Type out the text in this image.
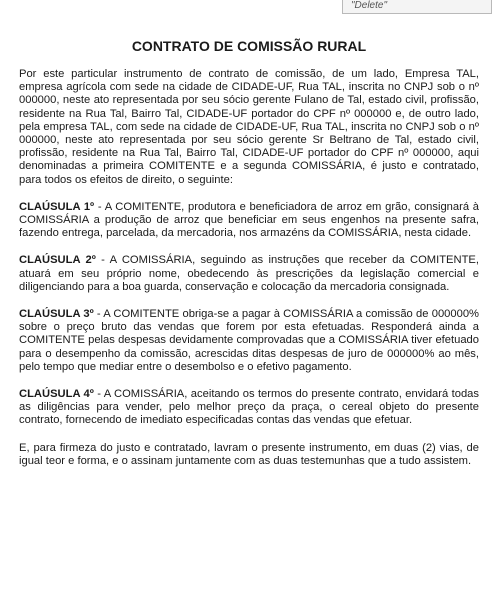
"Delete"
CONTRATO DE COMISSÃO RURAL

Por este particular instrumento de contrato de comissão, de um lado, Empresa TAL, empresa agrícola com sede na cidade de CIDADE-UF, Rua TAL, inscrita no CNPJ sob o nº 000000, neste ato representada por seu sócio gerente Fulano de Tal, estado civil, profissão, residente na Rua Tal, Bairro Tal, CIDADE-UF portador do CPF nº 000000 e, de outro lado, pela empresa TAL, com sede na cidade de CIDADE-UF, Rua TAL, inscrita no CNPJ sob o nº 000000, neste ato representada por seu sócio gerente Sr Beltrano de Tal, estado civil, profissão, residente na Rua Tal, Bairro Tal, CIDADE-UF portador do CPF nº 000000, aqui denominadas a primeira COMITENTE e a segunda COMISSÁRIA, é justo e contratado, para todos os efeitos de direito, o seguinte:

CLAÚSULA 1º - A COMITENTE, produtora e beneficiadora de arroz em grão, consignará à COMISSÁRIA a produção de arroz que beneficiar em seus engenhos na presente safra, fazendo entrega, parcelada, da mercadoria, nos armazéns da COMISSÁRIA, nesta cidade.

CLAÚSULA 2º - A COMISSÁRIA, seguindo as instruções que receber da COMITENTE, atuará em seu próprio nome, obedecendo às prescrições da legislação comercial e diligenciando para a boa guarda, conservação e colocação da mercadoria consignada.

CLAÚSULA 3º - A COMITENTE obriga-se a pagar à COMISSÁRIA a comissão de 000000% sobre o preço bruto das vendas que forem por esta efetuadas. Responderá ainda a COMITENTE pelas despesas devidamente comprovadas que a COMISSÁRIA tiver efetuado para o desempenho da comissão, acrescidas ditas despesas de juro de 000000% ao mês, pelo tempo que mediar entre o desembolso e o efetivo pagamento.

CLAÚSULA 4º - A COMISSÁRIA, aceitando os termos do presente contrato, envidará todas as diligências para vender, pelo melhor preço da praça, o cereal objeto do presente contrato, fornecendo de imediato especificadas contas das vendas que efetuar.

E, para firmeza do justo e contratado, lavram o presente instrumento, em duas (2) vias, de igual teor e forma, e o assinam juntamente com as duas testemunhas que a tudo assistem.
